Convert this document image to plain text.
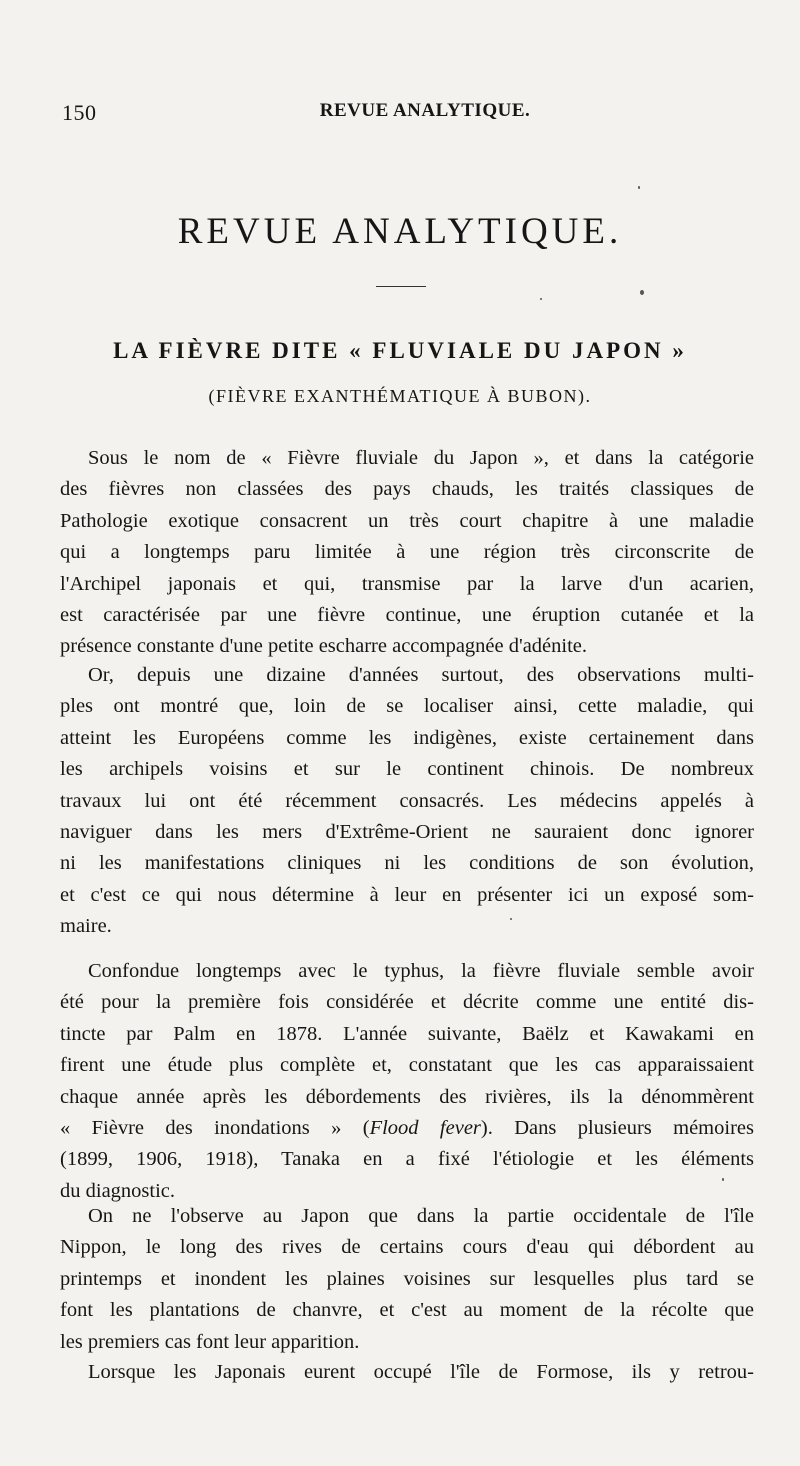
150	REVUE ANALYTIQUE.
REVUE ANALYTIQUE.
LA FIÈVRE DITE « FLUVIALE DU JAPON »
(FIÈVRE EXANTHÉMATIQUE À BUBON).

Sous le nom de « Fièvre fluviale du Japon », et dans la catégorie
des fièvres non classées des pays chauds, les traités classiques de
Pathologie exotique consacrent un très court chapitre à une maladie
qui a longtemps paru limitée à une région très circonscrite de
l'Archipel japonais et qui, transmise par la larve d'un acarien,
est caractérisée par une fièvre continue, une éruption cutanée et la
présence constante d'une petite escharre accompagnée d'adénite.

Or, depuis une dizaine d'années surtout, des observations multi-
ples ont montré que, loin de se localiser ainsi, cette maladie, qui
atteint les Européens comme les indigènes, existe certainement dans
les archipels voisins et sur le continent chinois. De nombreux
travaux lui ont été récemment consacrés. Les médecins appelés à
naviguer dans les mers d'Extrême-Orient ne sauraient donc ignorer
ni les manifestations cliniques ni les conditions de son évolution,
et c'est ce qui nous détermine à leur en présenter ici un exposé som-
maire.

Confondue longtemps avec le typhus, la fièvre fluviale semble avoir
été pour la première fois considérée et décrite comme une entité dis-
tincte par Palm en 1878. L'année suivante, Baëlz et Kawakami en
firent une étude plus complète et, constatant que les cas apparaissaient
chaque année après les débordements des rivières, ils la dénommèrent
« Fièvre des inondations » (Flood fever). Dans plusieurs mémoires
(1899, 1906, 1918), Tanaka en a fixé l'étiologie et les éléments
du diagnostic.

On ne l'observe au Japon que dans la partie occidentale de l'île
Nippon, le long des rives de certains cours d'eau qui débordent au
printemps et inondent les plaines voisines sur lesquelles plus tard se
font les plantations de chanvre, et c'est au moment de la récolte que
les premiers cas font leur apparition.

Lorsque les Japonais eurent occupé l'île de Formose, ils y retrou-
